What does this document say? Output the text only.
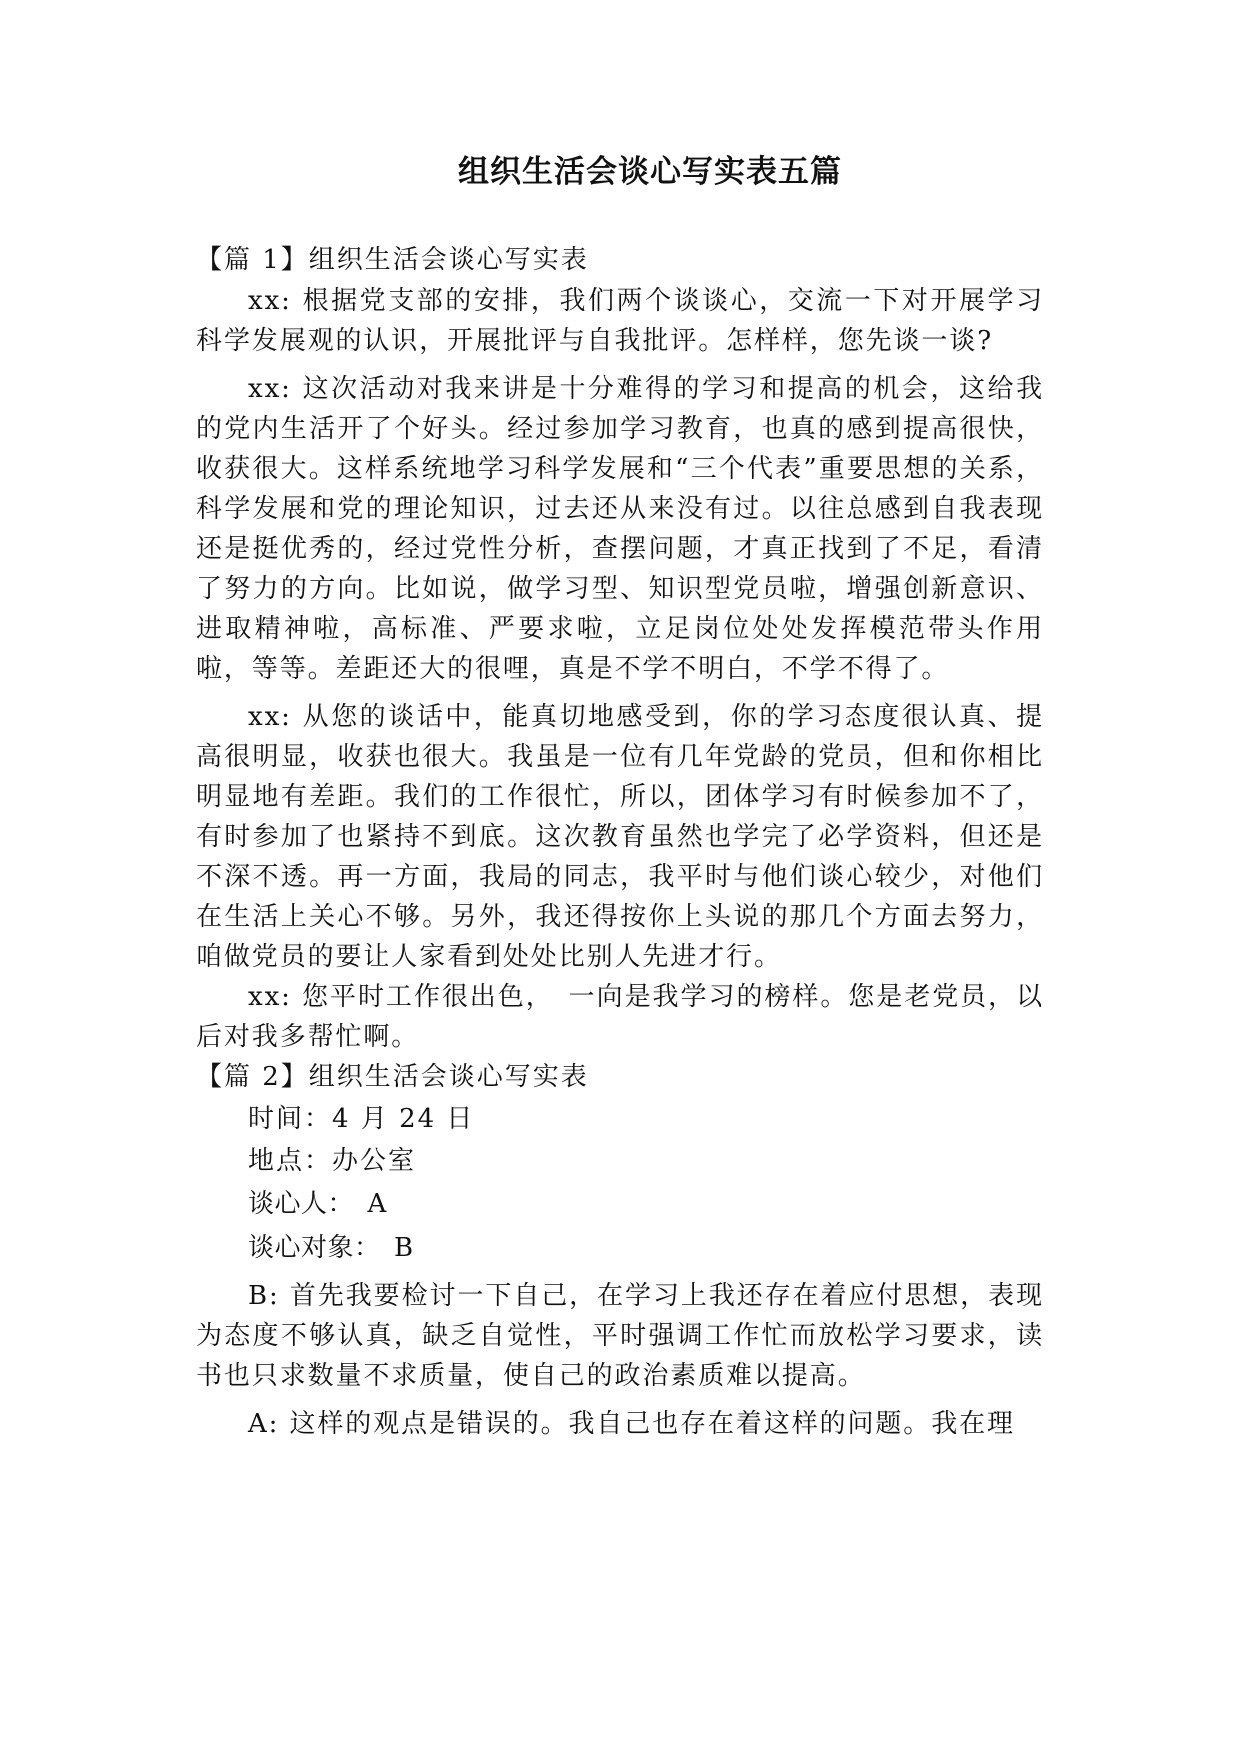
组织生活会谈心写实表五篇

【篇 1】组织生活会谈心写实表

xx: 根据党支部的安排，我们两个谈谈心，交流一下对开展学习科学发展观的认识，开展批评与自我批评。怎样样，您先谈一谈?

xx: 这次活动对我来讲是十分难得的学习和提高的机会，这给我的党内生活开了个好头。经过参加学习教育，也真的感到提高很快，收获很大。这样系统地学习科学发展和“三个代表”重要思想的关系，科学发展和党的理论知识，过去还从来没有过。以往总感到自我表现还是挺优秀的，经过党性分析，查摆问题，才真正找到了不足，看清了努力的方向。比如说，做学习型、知识型党员啦，增强创新意识、进取精神啦，高标准、严要求啦，立足岗位处处发挥模范带头作用啦，等等。差距还大的很哩，真是不学不明白，不学不得了。

xx: 从您的谈话中，能真切地感受到，你的学习态度很认真、提高很明显，收获也很大。我虽是一位有几年党龄的党员，但和你相比明显地有差距。我们的工作很忙，所以，团体学习有时候参加不了，有时参加了也紧持不到底。这次教育虽然也学完了必学资料，但还是不深不透。再一方面，我局的同志，我平时与他们谈心较少，对他们在生活上关心不够。另外，我还得按你上头说的那几个方面去努力，咱做党员的要让人家看到处处比别人先进才行。

xx: 您平时工作很出色，　一向是我学习的榜样。您是老党员，以后对我多帮忙啊。

【篇 2】组织生活会谈心写实表

时间：4 月 24 日

地点：办公室

谈心人：　A

谈心对象：　B

B: 首先我要检讨一下自己，在学习上我还存在着应付思想，表现为态度不够认真，缺乏自觉性，平时强调工作忙而放松学习要求，读书也只求数量不求质量，使自己的政治素质难以提高。

A: 这样的观点是错误的。我自己也存在着这样的问题。我在理
